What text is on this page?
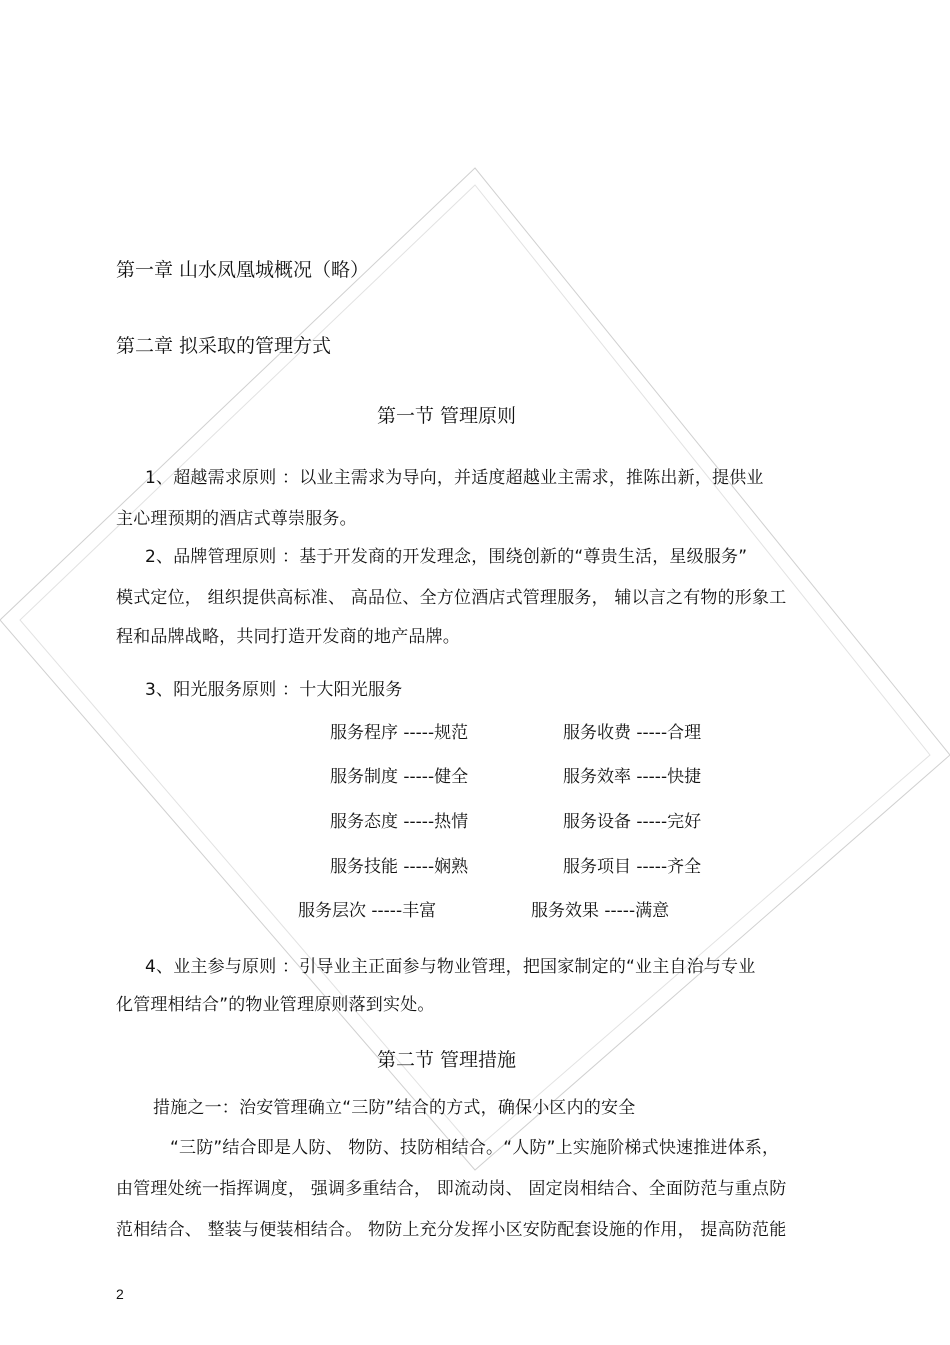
第一章 山水凤凰城概况（略）
第二章 拟采取的管理方式
第一节 管理原则
1、超越需求原则 ：以业主需求为导向，并适度超越业主需求，推陈出新，提供业
主心理预期的酒店式尊崇服务。
2、品牌管理原则 ：基于开发商的开发理念，围绕创新的“尊贵生活，星级服务”
模式定位， 组织提供高标准、 高品位、全方位酒店式管理服务， 辅以言之有物的形象工
程和品牌战略，共同打造开发商的地产品牌。
3、阳光服务原则 ：十大阳光服务
服务程序 -----规范	服务收费 -----合理
服务制度 -----健全	服务效率 -----快捷
服务态度 -----热情	服务设备 -----完好
服务技能 -----娴熟	服务项目 -----齐全
服务层次 -----丰富	服务效果 -----满意
4、业主参与原则 ：引导业主正面参与物业管理，把国家制定的“业主自治与专业
化管理相结合”的物业管理原则落到实处。
第二节 管理措施
措施之一：治安管理确立“三防”结合的方式，确保小区内的安全
“三防”结合即是人防、 物防、技防相结合。“人防”上实施阶梯式快速推进体系，
由管理处统一指挥调度， 强调多重结合， 即流动岗、 固定岗相结合、全面防范与重点防
范相结合、 整装与便装相结合。 物防上充分发挥小区安防配套设施的作用， 提高防范能
2
